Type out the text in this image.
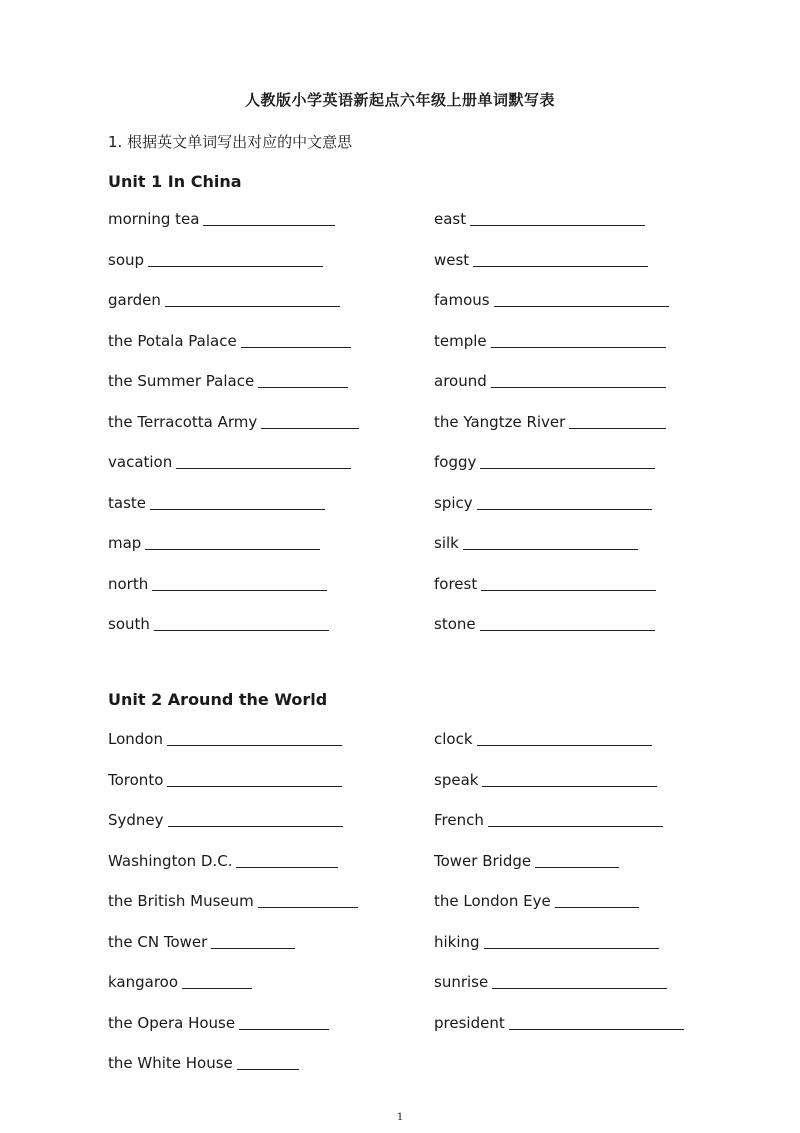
人教版小学英语新起点六年级上册单词默写表
1. 根据英文单词写出对应的中文意思
Unit 1 In China
morning tea
soup
garden
the Potala Palace
the Summer Palace
the Terracotta Army
vacation
taste
map
north
south
east
west
famous
temple
around
the Yangtze River
foggy
spicy
silk
forest
stone
Unit 2 Around the World
London
Toronto
Sydney
Washington D.C.
the British Museum
the CN Tower
kangaroo
the Opera House
the White House
clock
speak
French
Tower Bridge
the London Eye
hiking
sunrise
president
1
